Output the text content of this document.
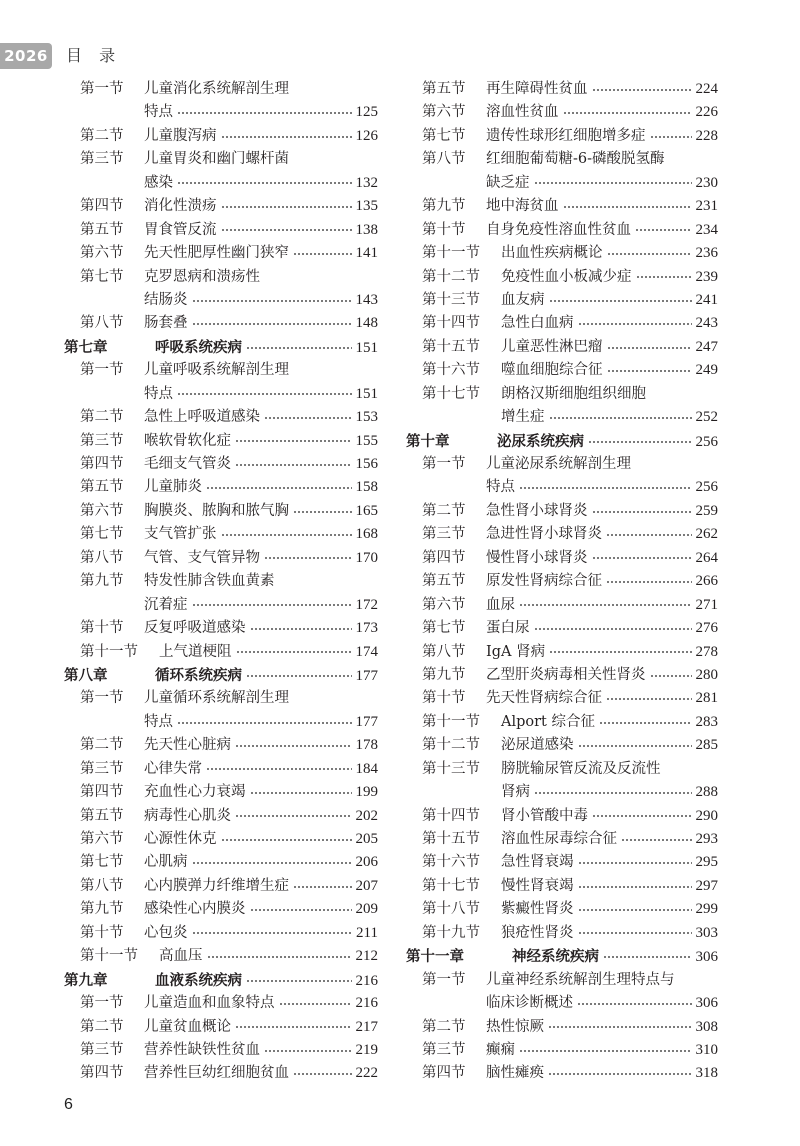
2026 目 录
第一节 儿童消化系统解剖生理
特点	125
第二节 儿童腹泻病	126
第三节 儿童胃炎和幽门螺杆菌
感染	132
第四节 消化性溃疡	135
第五节 胃食管反流	138
第六节 先天性肥厚性幽门狭窄	141
第七节 克罗恩病和溃疡性
结肠炎	143
第八节 肠套叠	148
第七章	呼吸系统疾病	151
第一节 儿童呼吸系统解剖生理
特点	151
第二节 急性上呼吸道感染	153
第三节 喉软骨软化症	155
第四节 毛细支气管炎	156
第五节 儿童肺炎	158
第六节 胸膜炎、脓胸和脓气胸	165
第七节 支气管扩张	168
第八节 气管、支气管异物	170
第九节 特发性肺含铁血黄素
沉着症	172
第十节 反复呼吸道感染	173
第十一节 上气道梗阻	174
第八章	循环系统疾病	177
第一节 儿童循环系统解剖生理
特点	177
第二节 先天性心脏病	178
第三节 心律失常	184
第四节 充血性心力衰竭	199
第五节 病毒性心肌炎	202
第六节 心源性休克	205
第七节 心肌病	206
第八节 心内膜弹力纤维增生症	207
第九节 感染性心内膜炎	209
第十节 心包炎	211
第十一节 高血压	212
第九章	血液系统疾病	216
第一节 儿童造血和血象特点	216
第二节 儿童贫血概论	217
第三节 营养性缺铁性贫血	219
第四节 营养性巨幼红细胞贫血	222
第五节 再生障碍性贫血	224
第六节 溶血性贫血	226
第七节 遗传性球形红细胞增多症	228
第八节 红细胞葡萄糖-6-磷酸脱氢酶
缺乏症	230
第九节 地中海贫血	231
第十节 自身免疫性溶血性贫血	234
第十一节 出血性疾病概论	236
第十二节 免疫性血小板减少症	239
第十三节 血友病	241
第十四节 急性白血病	243
第十五节 儿童恶性淋巴瘤	247
第十六节 噬血细胞综合征	249
第十七节 朗格汉斯细胞组织细胞
增生症	252
第十章	泌尿系统疾病	256
第一节 儿童泌尿系统解剖生理
特点	256
第二节 急性肾小球肾炎	259
第三节 急进性肾小球肾炎	262
第四节 慢性肾小球肾炎	264
第五节 原发性肾病综合征	266
第六节 血尿	271
第七节 蛋白尿	276
第八节 IgA 肾病	278
第九节 乙型肝炎病毒相关性肾炎	280
第十节 先天性肾病综合征	281
第十一节 Alport 综合征	283
第十二节 泌尿道感染	285
第十三节 膀胱输尿管反流及反流性
肾病	288
第十四节 肾小管酸中毒	290
第十五节 溶血性尿毒综合征	293
第十六节 急性肾衰竭	295
第十七节 慢性肾衰竭	297
第十八节 紫癜性肾炎	299
第十九节 狼疮性肾炎	303
第十一章	神经系统疾病	306
第一节 儿童神经系统解剖生理特点与
临床诊断概述	306
第二节 热性惊厥	308
第三节 癫痫	310
第四节 脑性瘫痪	318
6
